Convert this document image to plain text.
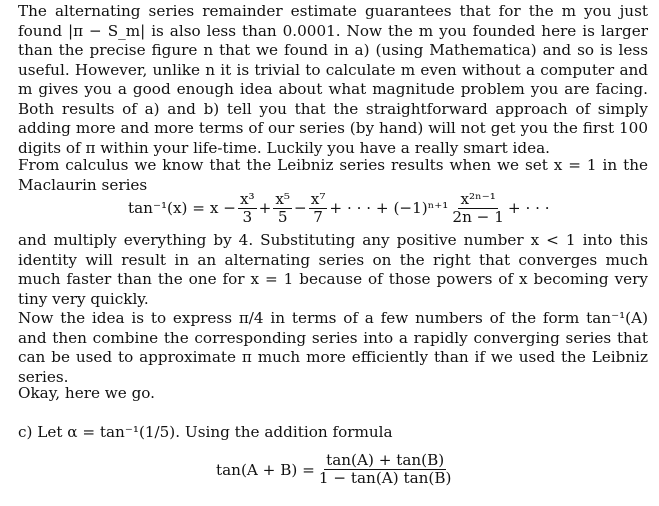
The alternating series remainder estimate guarantees that for the m you just found |π − S_m| is also less than 0.0001. Now the m you founded here is larger than the precise figure n that we found in a) (using Mathematica) and so is less useful. However, unlike n it is trivial to calculate m even without a computer and m gives you a good enough idea about what magnitude problem you are facing. Both results of a) and b) tell you that the straightforward approach of simply adding more and more terms of our series (by hand) will not get you the first 100 digits of π within your life-time. Luckily you have a really smart idea.

From calculus we know that the Leibniz series results when we set x = 1 in the Maclaurin series

$\tan^{-1}(x) = x - \frac{\text{x³}}{3} + \frac{\text{x⁵}}{5} - \frac{\text{x⁷}}{7}$ + · · · + $(-1)^{n+1} \frac{\text{x²ⁿ⁻¹}}{2n - 1}$ + · · ·

and multiply everything by 4. Substituting any positive number x < 1 into this identity will result in an alternating series on the right that converges much much faster than the one for x = 1 because of those powers of x becoming very tiny very quickly.

Now the idea is to express π/4 in terms of a few numbers of the form tan⁻¹(A) and then combine the corresponding series into a rapidly converging series that can be used to approximate π much more efficiently than if we used the Leibniz series.

Okay, here we go.

c) Let α = tan⁻¹(1/5). Using the addition formula

$\tan(A + B) = \frac{\tan(A) + \tan(B)}{1 - \tan(A) \tan(B)}$
